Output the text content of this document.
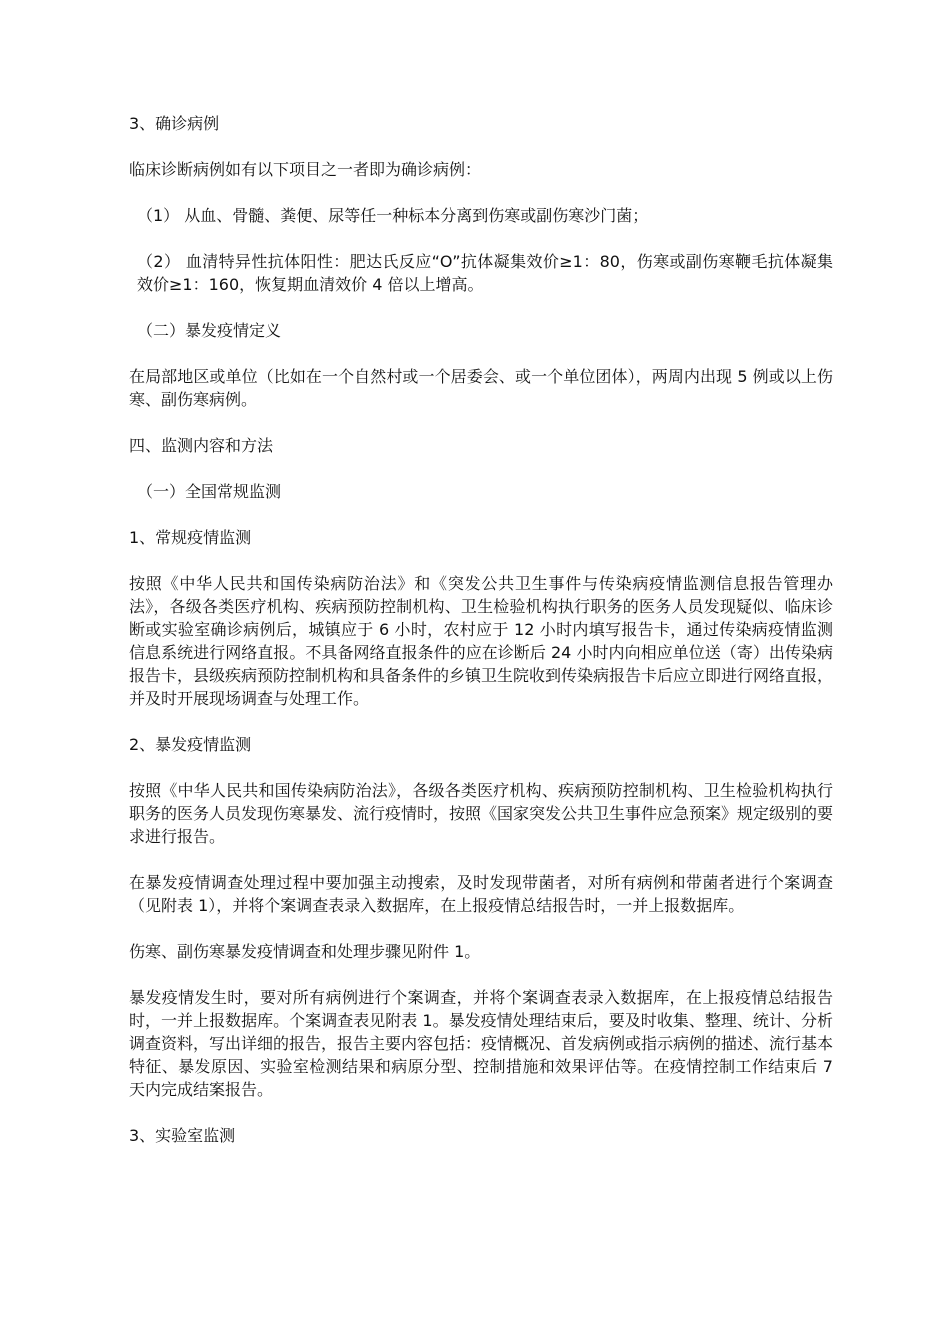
3、确诊病例

临床诊断病例如有以下项目之一者即为确诊病例：

（1） 从血、骨髓、粪便、尿等任一种标本分离到伤寒或副伤寒沙门菌；

（2） 血清特异性抗体阳性：肥达氏反应“O”抗体凝集效价≥1：80，伤寒或副伤寒鞭毛抗体凝集效价≥1：160，恢复期血清效价 4 倍以上增高。

（二）暴发疫情定义

在局部地区或单位（比如在一个自然村或一个居委会、或一个单位团体），两周内出现 5 例或以上伤寒、副伤寒病例。

四、监测内容和方法

（一）全国常规监测

1、常规疫情监测

按照《中华人民共和国传染病防治法》和《突发公共卫生事件与传染病疫情监测信息报告管理办法》，各级各类医疗机构、疾病预防控制机构、卫生检验机构执行职务的医务人员发现疑似、临床诊断或实验室确诊病例后，城镇应于 6 小时，农村应于 12 小时内填写报告卡，通过传染病疫情监测信息系统进行网络直报。不具备网络直报条件的应在诊断后 24 小时内向相应单位送（寄）出传染病报告卡，县级疾病预防控制机构和具备条件的乡镇卫生院收到传染病报告卡后应立即进行网络直报，并及时开展现场调查与处理工作。

2、暴发疫情监测

按照《中华人民共和国传染病防治法》，各级各类医疗机构、疾病预防控制机构、卫生检验机构执行职务的医务人员发现伤寒暴发、流行疫情时，按照《国家突发公共卫生事件应急预案》规定级别的要求进行报告。

在暴发疫情调查处理过程中要加强主动搜索，及时发现带菌者，对所有病例和带菌者进行个案调查（见附表 1），并将个案调查表录入数据库，在上报疫情总结报告时，一并上报数据库。

伤寒、副伤寒暴发疫情调查和处理步骤见附件 1。

暴发疫情发生时，要对所有病例进行个案调查，并将个案调查表录入数据库，在上报疫情总结报告时，一并上报数据库。个案调查表见附表 1。暴发疫情处理结束后，要及时收集、整理、统计、分析调查资料，写出详细的报告，报告主要内容包括：疫情概况、首发病例或指示病例的描述、流行基本特征、暴发原因、实验室检测结果和病原分型、控制措施和效果评估等。在疫情控制工作结束后 7 天内完成结案报告。

3、实验室监测
